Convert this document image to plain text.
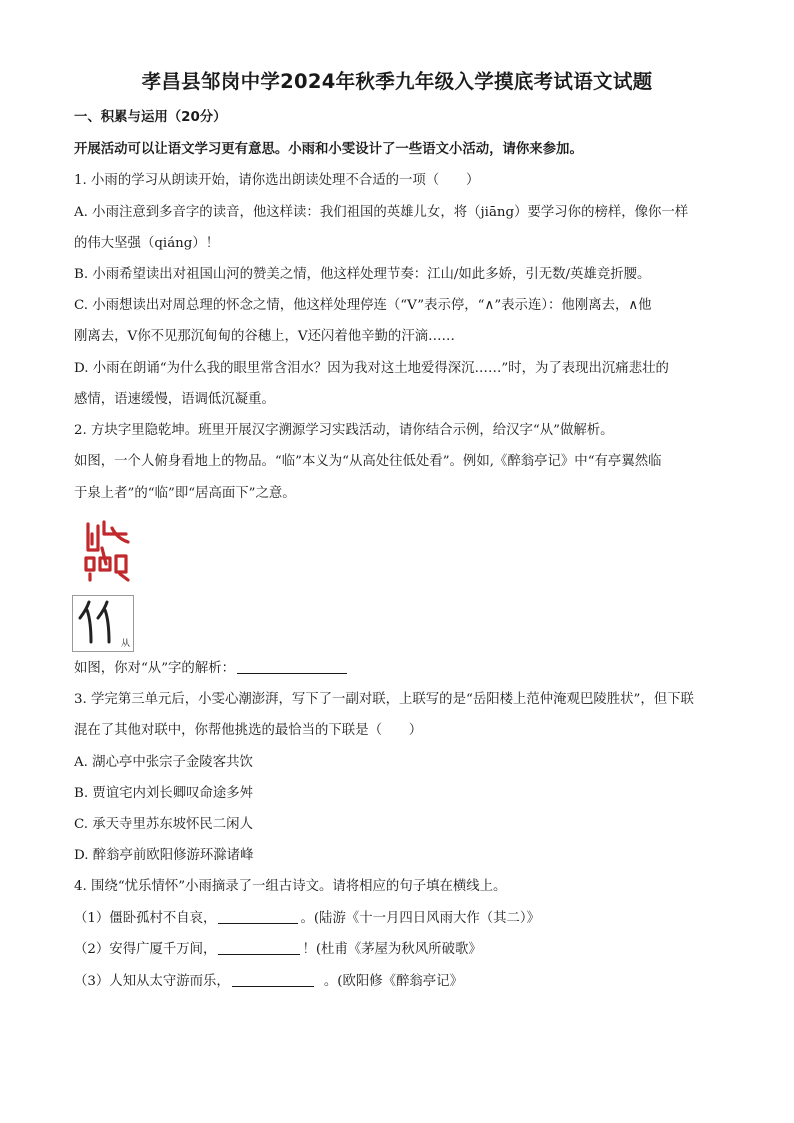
孝昌县邹岗中学2024年秋季九年级入学摸底考试语文试题
一、积累与运用（20分）
开展活动可以让语文学习更有意思。小雨和小雯设计了一些语文小活动，请你来参加。
1. 小雨的学习从朗读开始，请你选出朗读处理不合适的一项（　　）
A. 小雨注意到多音字的读音，他这样读：我们祖国的英雄儿女，将（jiāng）要学习你的榜样，像你一样
的伟大坚强（qiáng）！
B. 小雨希望读出对祖国山河的赞美之情，他这样处理节奏：江山/如此多娇，引无数/英雄竞折腰。
C. 小雨想读出对周总理的怀念之情，他这样处理停连（“V”表示停，“∧”表示连）：他刚离去，∧他
刚离去，V你不见那沉甸甸的谷穗上，V还闪着他辛勤的汗滴……
D. 小雨在朗诵“为什么我的眼里常含泪水？因为我对这土地爱得深沉……”时，为了表现出沉痛悲壮的
感情，语速缓慢，语调低沉凝重。
2. 方块字里隐乾坤。班里开展汉字溯源学习实践活动，请你结合示例，给汉字“从”做解析。
如图，一个人俯身看地上的物品。“临”本义为“从高处往低处看”。例如,《醉翁亭记》中“有亭翼然临
于泉上者”的“临”即“居高面下”之意。
从
如图，你对“从”字的解析：
3. 学完第三单元后，小雯心潮澎湃，写下了一副对联，上联写的是“岳阳楼上范仲淹观巴陵胜状”，但下联
混在了其他对联中，你帮他挑选的最恰当的下联是（　　）
A. 湖心亭中张宗子金陵客共饮
B. 贾谊宅内刘长卿叹命途多舛
C. 承天寺里苏东坡怀民二闲人
D. 醉翁亭前欧阳修游环滁诸峰
4. 围绕“忧乐情怀”小雨摘录了一组古诗文。请将相应的句子填在横线上。
（1）僵卧孤村不自哀，	。(陆游《十一月四日风雨大作（其二）》
（2）安得广厦千万间，	！(杜甫《茅屋为秋风所破歌》
（3）人知从太守游而乐，	。(欧阳修《醉翁亭记》
